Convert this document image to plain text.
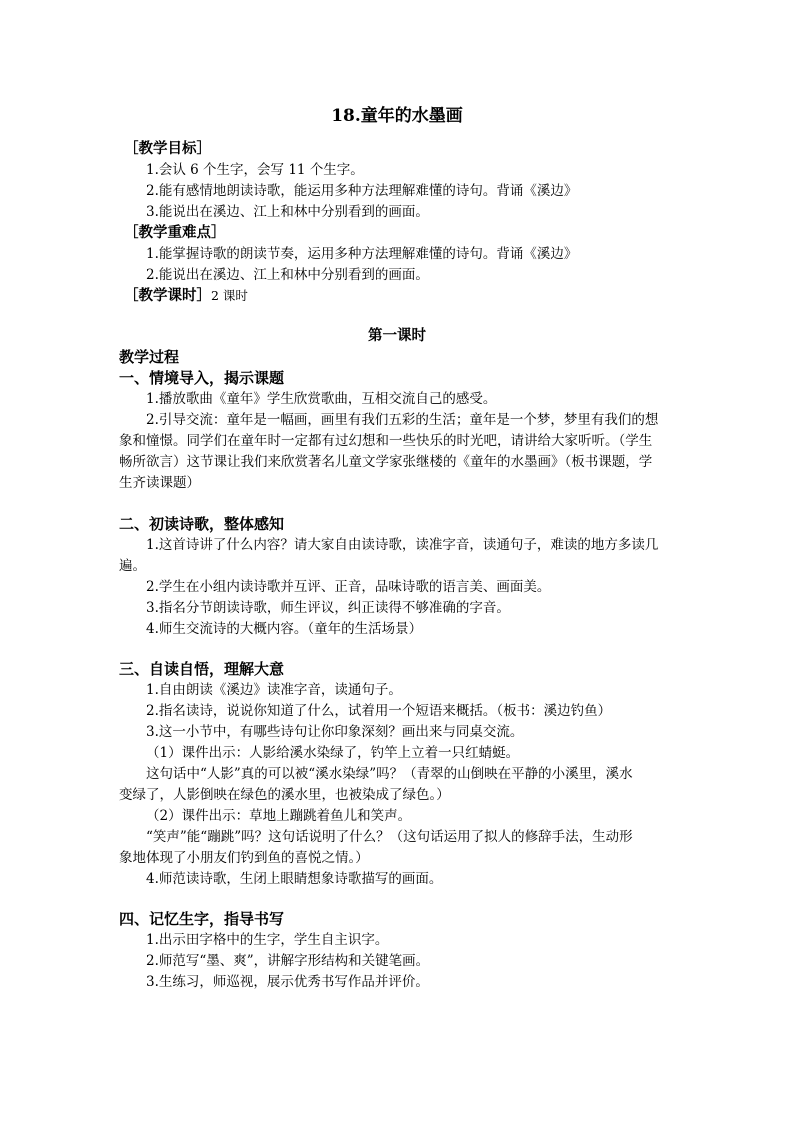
18.童年的水墨画
［教学目标］
1.会认 6 个生字，会写 11 个生字。
2.能有感情地朗读诗歌，能运用多种方法理解难懂的诗句。背诵《溪边》
3.能说出在溪边、江上和林中分别看到的画面。
［教学重难点］
1.能掌握诗歌的朗读节奏，运用多种方法理解难懂的诗句。背诵《溪边》
2.能说出在溪边、江上和林中分别看到的画面。
［教学课时］2 课时
第一课时
教学过程
一、情境导入，揭示课题
1.播放歌曲《童年》学生欣赏歌曲，互相交流自己的感受。
2.引导交流：童年是一幅画，画里有我们五彩的生活；童年是一个梦，梦里有我们的想
象和憧憬。同学们在童年时一定都有过幻想和一些快乐的时光吧，请讲给大家听听。（学生
畅所欲言）这节课让我们来欣赏著名儿童文学家张继楼的《童年的水墨画》（板书课题，学
生齐读课题）
二、初读诗歌，整体感知
1.这首诗讲了什么内容？请大家自由读诗歌，读准字音，读通句子，难读的地方多读几
遍。
2.学生在小组内读诗歌并互评、正音，品味诗歌的语言美、画面美。
3.指名分节朗读诗歌，师生评议，纠正读得不够准确的字音。
4.师生交流诗的大概内容。（童年的生活场景）
三、自读自悟，理解大意
1.自由朗读《溪边》读准字音，读通句子。
2.指名读诗，说说你知道了什么，试着用一个短语来概括。（板书：溪边钓鱼）
3.这一小节中，有哪些诗句让你印象深刻？画出来与同桌交流。
（1）课件出示：人影给溪水染绿了，钓竿上立着一只红蜻蜓。
这句话中“人影”真的可以被“溪水染绿”吗？（青翠的山倒映在平静的小溪里，溪水
变绿了，人影倒映在绿色的溪水里，也被染成了绿色。）
（2）课件出示：草地上蹦跳着鱼儿和笑声。
“笑声”能“蹦跳”吗？这句话说明了什么？（这句话运用了拟人的修辞手法，生动形
象地体现了小朋友们钓到鱼的喜悦之情。）
4.师范读诗歌，生闭上眼睛想象诗歌描写的画面。
四、记忆生字，指导书写
1.出示田字格中的生字，学生自主识字。
2.师范写“墨、爽”，讲解字形结构和关键笔画。
3.生练习，师巡视，展示优秀书写作品并评价。
